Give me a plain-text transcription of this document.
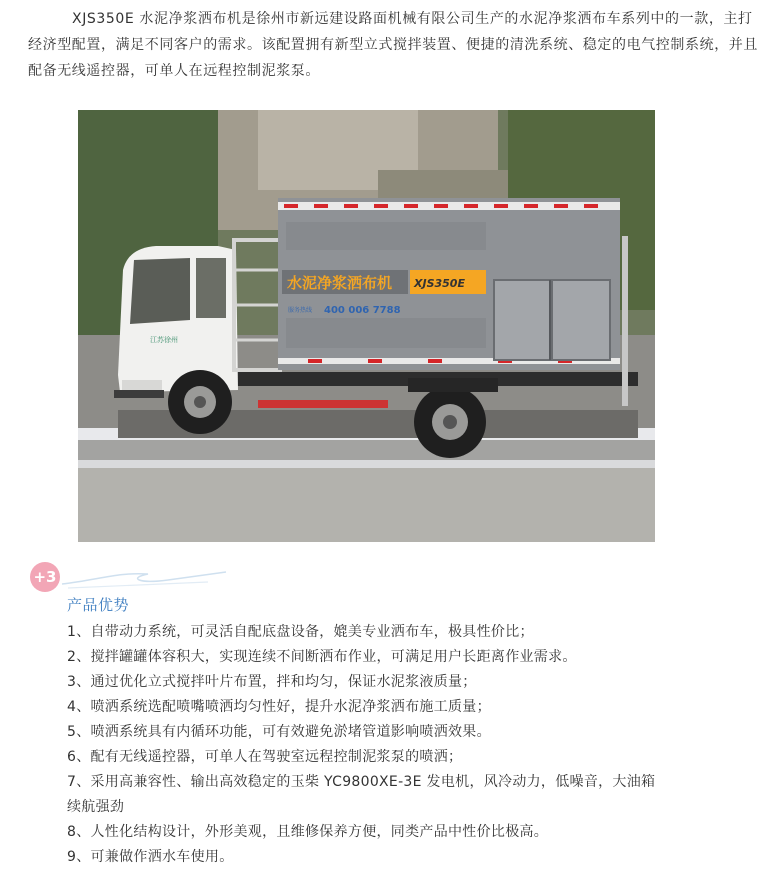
XJS350E 水泥净浆洒布机是徐州市新远建设路面机械有限公司生产的水泥净浆洒布车系列中的一款，主打经济型配置，满足不同客户的需求。该配置拥有新型立式搅拌装置、便捷的清洗系统、稳定的电气控制系统，并且配备无线遥控器，可单人在远程控制泥浆泵。

江苏徐州
水泥净浆洒布机 XJS350E
服务热线 400 006 7788
+3
产品优势
1、自带动力系统，可灵活自配底盘设备，媲美专业洒布车，极具性价比；
2、搅拌罐罐体容积大，实现连续不间断洒布作业，可满足用户长距离作业需求。
3、通过优化立式搅拌叶片布置，拌和均匀，保证水泥浆液质量；
4、喷洒系统选配喷嘴喷洒均匀性好，提升水泥净浆洒布施工质量；
5、喷洒系统具有内循环功能，可有效避免淤堵管道影响喷洒效果。
6、配有无线遥控器，可单人在驾驶室远程控制泥浆泵的喷洒；
7、采用高兼容性、输出高效稳定的玉柴 YC9800XE-3E 发电机，风冷动力，低噪音，大油箱续航强劲
8、人性化结构设计，外形美观，且维修保养方便，同类产品中性价比极高。
9、可兼做作洒水车使用。
